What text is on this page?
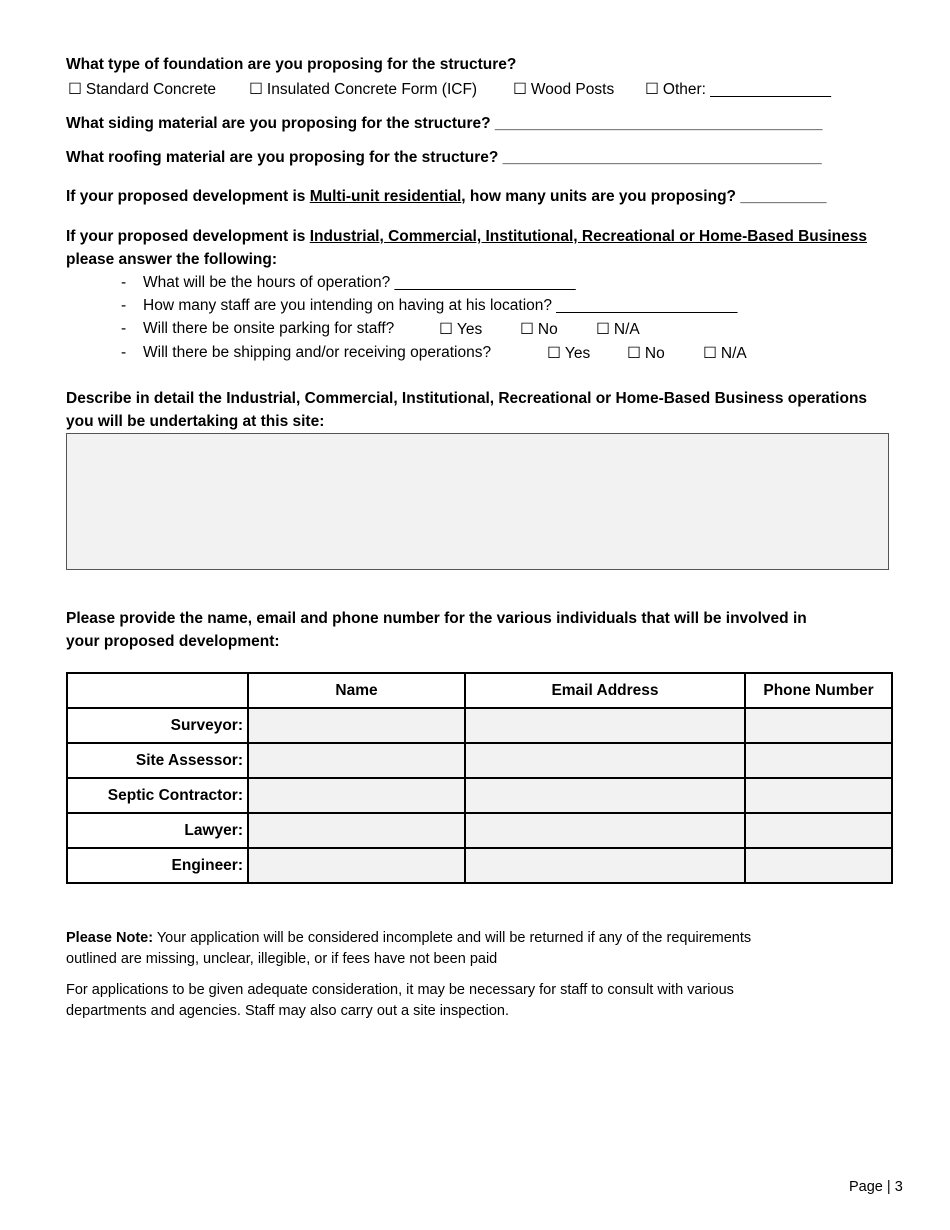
What type of foundation are you proposing for the structure?
☐ Standard Concrete ☐ Insulated Concrete Form (ICF) ☐ Wood Posts ☐ Other: ______________
What siding material are you proposing for the structure? ______________________________________
What roofing material are you proposing for the structure? _____________________________________
If your proposed development is Multi-unit residential, how many units are you proposing? __________
If your proposed development is Industrial, Commercial, Institutional, Recreational or Home-Based Business
please answer the following:
- What will be the hours of operation? _____________________
- How many staff are you intending on having at his location? _____________________
- Will there be onsite parking for staff?	☐ Yes ☐ No ☐ N/A
- Will there be shipping and/or receiving operations?	☐ Yes ☐ No ☐ N/A
Describe in detail the Industrial, Commercial, Institutional, Recreational or Home-Based Business operations
you will be undertaking at this site:
Please provide the name, email and phone number for the various individuals that will be involved in
your proposed development:
	Name	Email Address	Phone Number
Surveyor:			
Site Assessor:			
Septic Contractor:			
Lawyer:			
Engineer:			
Please Note: Your application will be considered incomplete and will be returned if any of the requirements
outlined are missing, unclear, illegible, or if fees have not been paid
For applications to be given adequate consideration, it may be necessary for staff to consult with various
departments and agencies. Staff may also carry out a site inspection.
Page | 3
